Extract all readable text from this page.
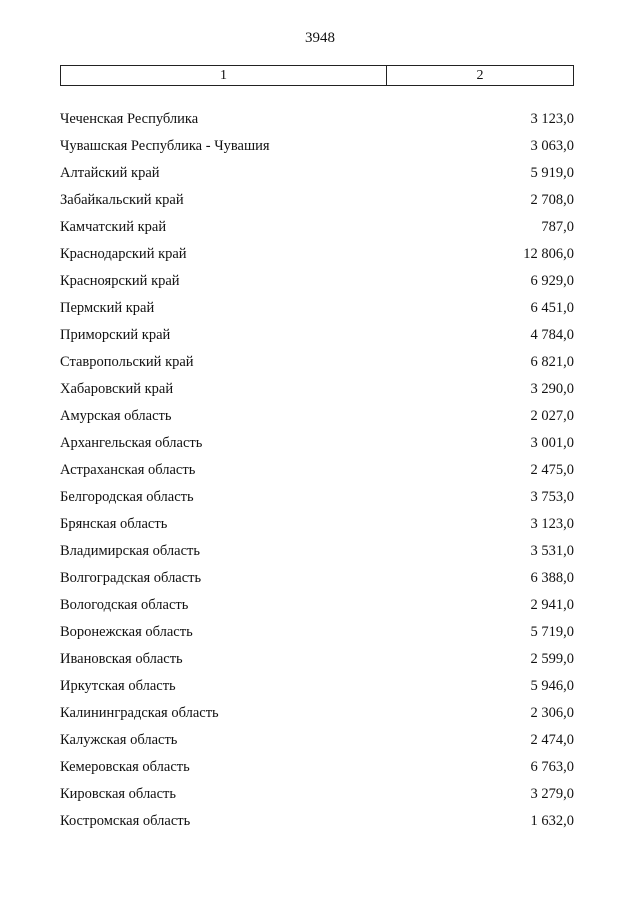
3948
1	2
Чеченская Республика	3 123,0
Чувашская Республика - Чувашия	3 063,0
Алтайский край	5 919,0
Забайкальский край	2 708,0
Камчатский край	787,0
Краснодарский край	12 806,0
Красноярский край	6 929,0
Пермский край	6 451,0
Приморский край	4 784,0
Ставропольский край	6 821,0
Хабаровский край	3 290,0
Амурская область	2 027,0
Архангельская область	3 001,0
Астраханская область	2 475,0
Белгородская область	3 753,0
Брянская область	3 123,0
Владимирская область	3 531,0
Волгоградская область	6 388,0
Вологодская область	2 941,0
Воронежская область	5 719,0
Ивановская область	2 599,0
Иркутская область	5 946,0
Калининградская область	2 306,0
Калужская область	2 474,0
Кемеровская область	6 763,0
Кировская область	3 279,0
Костромская область	1 632,0
